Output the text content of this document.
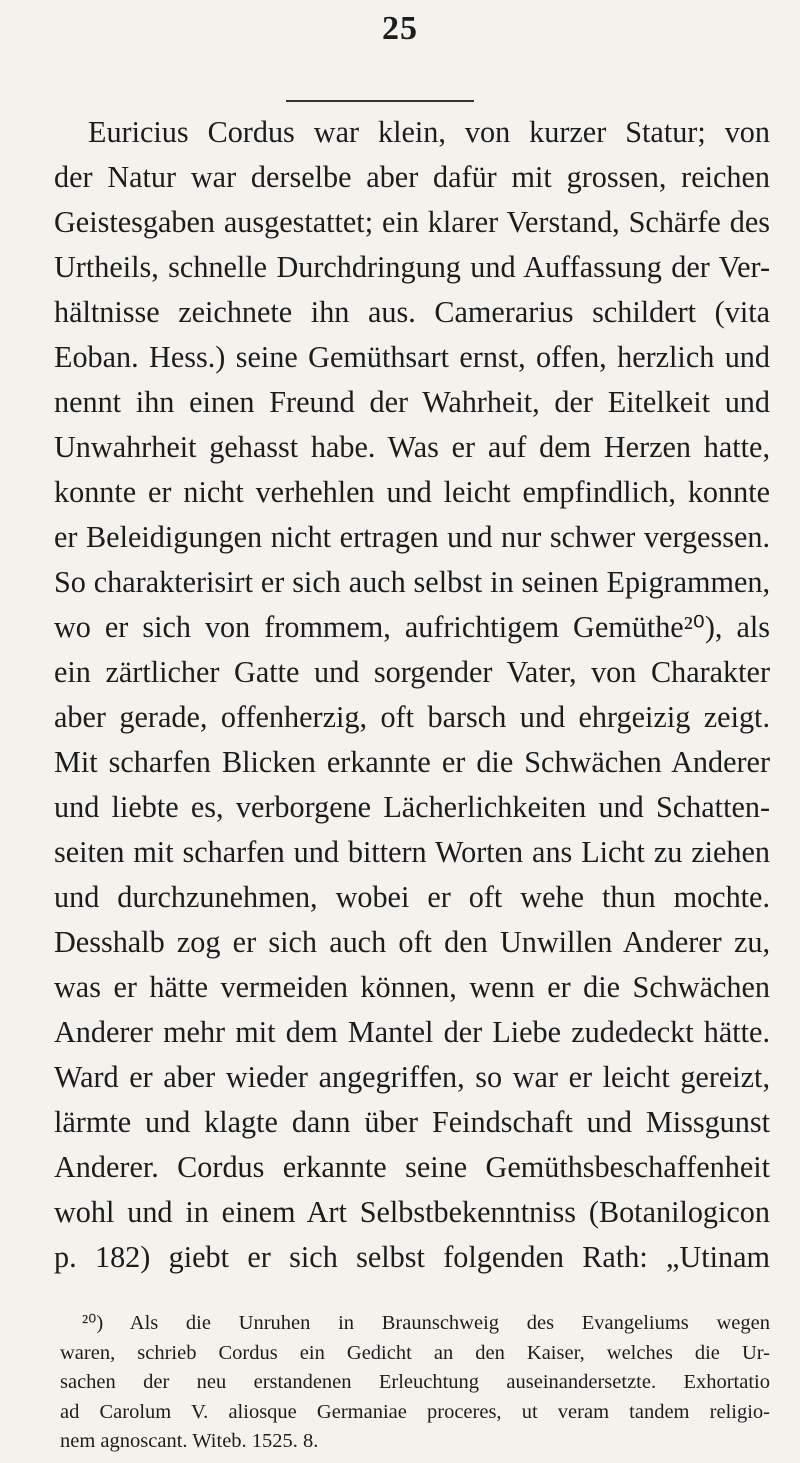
25
Euricius Cordus war klein, von kurzer Statur; von
der Natur war derselbe aber dafür mit grossen, reichen
Geistesgaben ausgestattet; ein klarer Verstand, Schärfe des
Urtheils, schnelle Durchdringung und Auffassung der Ver-
hältnisse zeichnete ihn aus. Camerarius schildert (vita
Eoban. Hess.) seine Gemüthsart ernst, offen, herzlich und
nennt ihn einen Freund der Wahrheit, der Eitelkeit und
Unwahrheit gehasst habe. Was er auf dem Herzen hatte,
konnte er nicht verhehlen und leicht empfindlich, konnte
er Beleidigungen nicht ertragen und nur schwer vergessen.
So charakterisirt er sich auch selbst in seinen Epigrammen,
wo er sich von frommem, aufrichtigem Gemüthe²⁰), als
ein zärtlicher Gatte und sorgender Vater, von Charakter
aber gerade, offenherzig, oft barsch und ehrgeizig zeigt.
Mit scharfen Blicken erkannte er die Schwächen Anderer
und liebte es, verborgene Lächerlichkeiten und Schatten-
seiten mit scharfen und bittern Worten ans Licht zu ziehen
und durchzunehmen, wobei er oft wehe thun mochte.
Desshalb zog er sich auch oft den Unwillen Anderer zu,
was er hätte vermeiden können, wenn er die Schwächen
Anderer mehr mit dem Mantel der Liebe zudedeckt hätte.
Ward er aber wieder angegriffen, so war er leicht gereizt,
lärmte und klagte dann über Feindschaft und Missgunst
Anderer. Cordus erkannte seine Gemüthsbeschaffenheit
wohl und in einem Art Selbstbekenntniss (Botanilogicon
p. 182) giebt er sich selbst folgenden Rath: „Utinam
²⁰) Als die Unruhen in Braunschweig des Evangeliums wegen
waren, schrieb Cordus ein Gedicht an den Kaiser, welches die Ur-
sachen der neu erstandenen Erleuchtung auseinandersetzte. Exhortatio
ad Carolum V. aliosque Germaniae proceres, ut veram tandem religio-
nem agnoscant. Witeb. 1525. 8.
